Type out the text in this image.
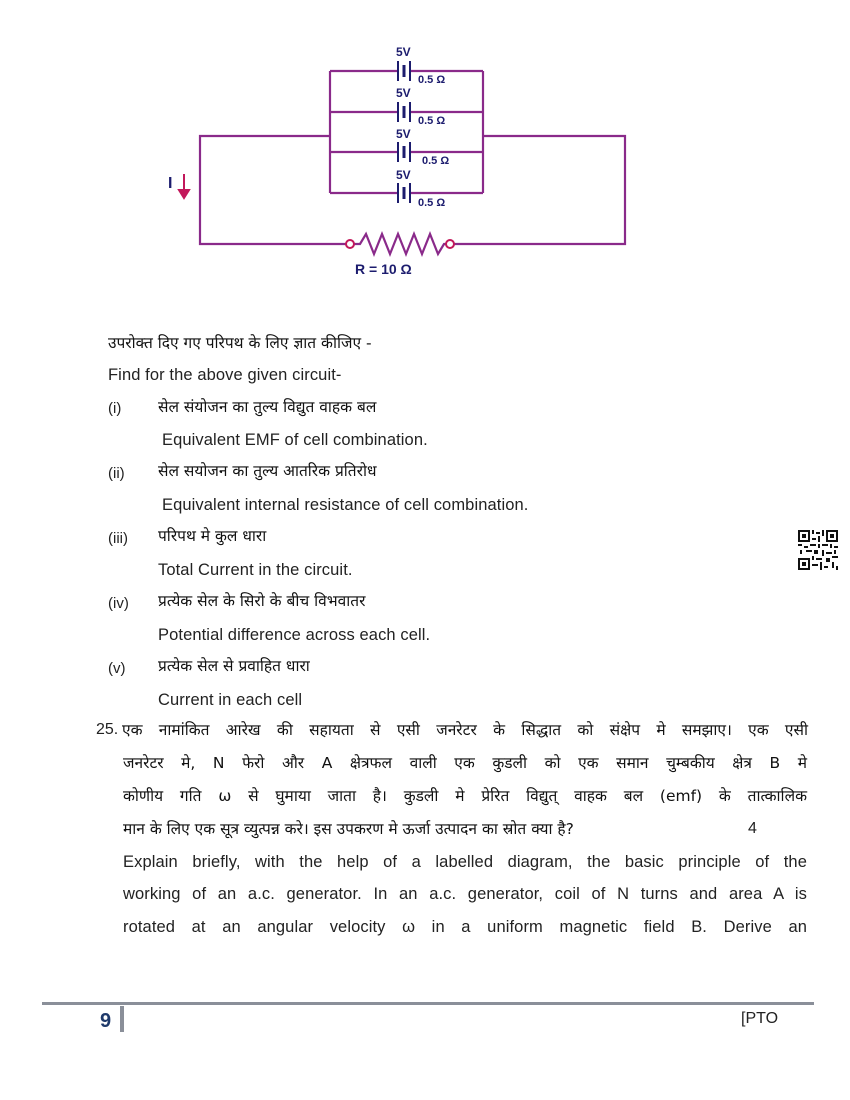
5V
0.5 Ω
5V
0.5 Ω
5V
0.5 Ω
5V
0.5 Ω
I
R = 10 Ω
उपरोक्त दिए गए परिपथ के लिए ज्ञात कीजिए -
Find for the above given circuit-
(i) सेल संयोजन का तुल्य विद्युत वाहक बल
Equivalent EMF of cell combination.
(ii) सेल सयोजन का तुल्य आतरिक प्रतिरोध
Equivalent internal resistance of cell combination.
(iii) परिपथ मे कुल धारा
Total Current in the circuit.
(iv) प्रत्येक सेल के सिरो के बीच विभवातर
Potential difference across each cell.
(v) प्रत्येक सेल से प्रवाहित धारा
Current in each cell
25. एक नामांकित आरेख की सहायता से एसी जनरेटर के सिद्धात को संक्षेप मे समझाए। एक एसी
जनरेटर मे, N फेरो और A क्षेत्रफल वाली एक कुडली को एक समान चुम्बकीय क्षेत्र B मे
कोणीय गति ω से घुमाया जाता है। कुडली मे प्रेरित विद्युत् वाहक बल (emf) के तात्कालिक
मान के लिए एक सूत्र व्युत्पन्न करे। इस उपकरण मे ऊर्जा उत्पादन का स्रोत क्या है?	4
Explain briefly, with the help of a labelled diagram, the basic principle of the
working of an a.c. generator. In an a.c. generator, coil of N turns and area A is
rotated at an angular velocity ω in a uniform magnetic field B. Derive an
9	[PTO
